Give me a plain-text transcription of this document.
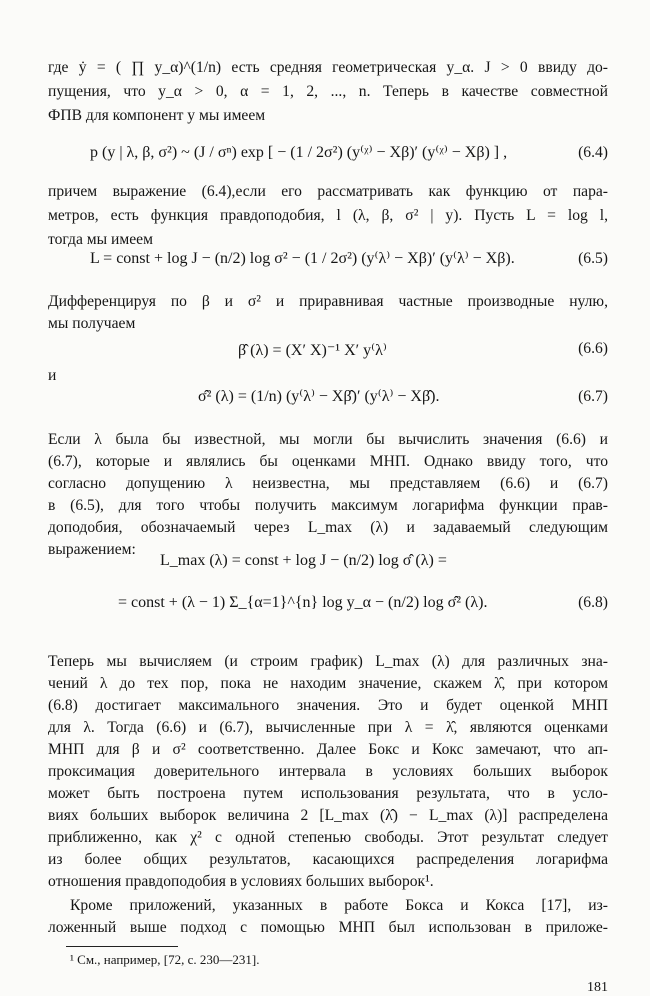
где ẏ = ( ∏ y_α)^(1/n) есть средняя геометрическая y_α. J > 0 ввиду до-
пущения, что y_α > 0, α = 1, 2, ..., n. Теперь в качестве совместной
ФПВ для компонент y мы имеем
p (y | λ, β, σ²) ~ (J / σⁿ) exp [ − (1 / 2σ²) (y⁽ᵡ⁾ − Xβ)′ (y⁽ᵡ⁾ − Xβ) ] ,	(6.4)
причем выражение (6.4),если его рассматривать как функцию от пара-
метров, есть функция правдоподобия, l (λ, β, σ² | y). Пусть L = log l,
тогда мы имеем
L = const + log J − (n/2) log σ² − (1 / 2σ²) (y⁽λ⁾ − Xβ)′ (y⁽λ⁾ − Xβ).	(6.5)
Дифференцируя по β и σ² и приравнивая частные производные нулю,
мы получаем
β̂ (λ) = (X′ X)⁻¹ X′ y⁽λ⁾	(6.6)
и
σ̂² (λ) = (1/n) (y⁽λ⁾ − Xβ̂)′ (y⁽λ⁾ − Xβ̂).	(6.7)
Если λ была бы известной, мы могли бы вычислить значения (6.6) и
(6.7), которые и являлись бы оценками МНП. Однако ввиду того, что
согласно допущению λ неизвестна, мы представляем (6.6) и (6.7)
в (6.5), для того чтобы получить максимум логарифма функции прав-
доподобия, обозначаемый через L_max (λ) и задаваемый следующим
выражением:
L_max (λ) = const + log J − (n/2) log σ̂ (λ) =
= const + (λ − 1) Σ_{α=1}^{n} log y_α − (n/2) log σ̂² (λ).	(6.8)
Теперь мы вычисляем (и строим график) L_max (λ) для различных зна-
чений λ до тех пор, пока не находим значение, скажем λ̂, при котором
(6.8) достигает максимального значения. Это и будет оценкой МНП
для λ. Тогда (6.6) и (6.7), вычисленные при λ = λ̂, являются оценками
МНП для β и σ² соответственно. Далее Бокс и Кокс замечают, что ап-
проксимация доверительного интервала в условиях больших выборок
может быть построена путем использования результата, что в усло-
виях больших выборок величина 2 [L_max (λ̂) − L_max (λ)] распределена
приближенно, как χ² с одной степенью свободы. Этот результат следует
из более общих результатов, касающихся распределения логарифма
отношения правдоподобия в условиях больших выборок¹.
Кроме приложений, указанных в работе Бокса и Кокса [17], из-
ложенный выше подход с помощью МНП был использован в приложе-
¹ См., например, [72, с. 230—231].
181
